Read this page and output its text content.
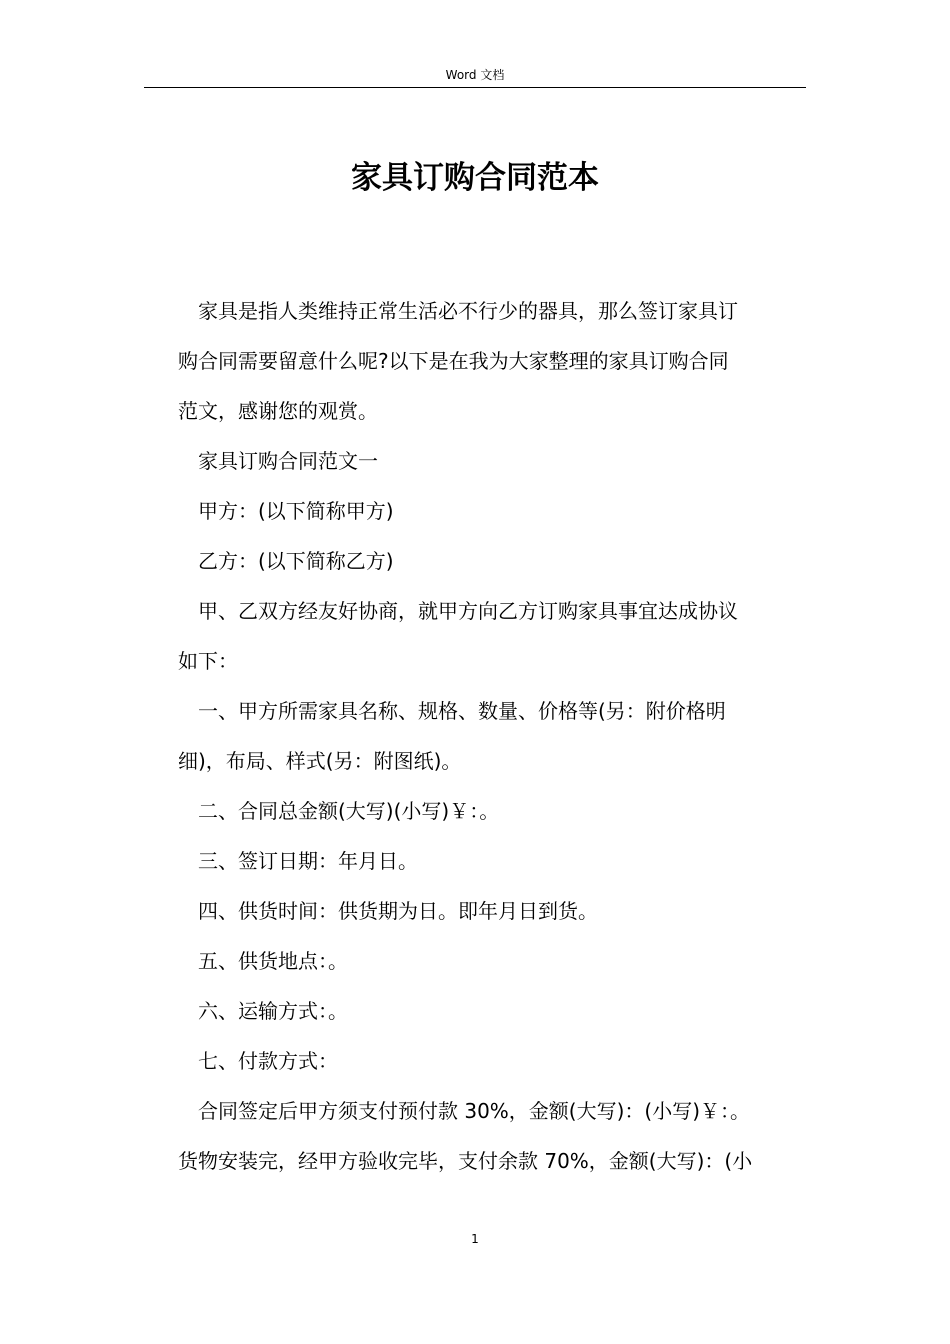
Word 文档
家具订购合同范本

家具是指人类维持正常生活必不行少的器具，那么签订家具订

购合同需要留意什么呢?以下是在我为大家整理的家具订购合同

范文，感谢您的观赏。

家具订购合同范文一

甲方：(以下简称甲方)

乙方：(以下简称乙方)

甲、乙双方经友好协商，就甲方向乙方订购家具事宜达成协议

如下：

一、甲方所需家具名称、规格、数量、价格等(另：附价格明

细)，布局、样式(另：附图纸)。

二、合同总金额(大写)(小写)￥：。

三、签订日期：年月日。

四、供货时间：供货期为日。即年月日到货。

五、供货地点：。

六、运输方式：。

七、付款方式：

合同签定后甲方须支付预付款 30%，金额(大写)：(小写)￥：。

货物安装完，经甲方验收完毕，支付余款 70%，金额(大写)：(小

1
